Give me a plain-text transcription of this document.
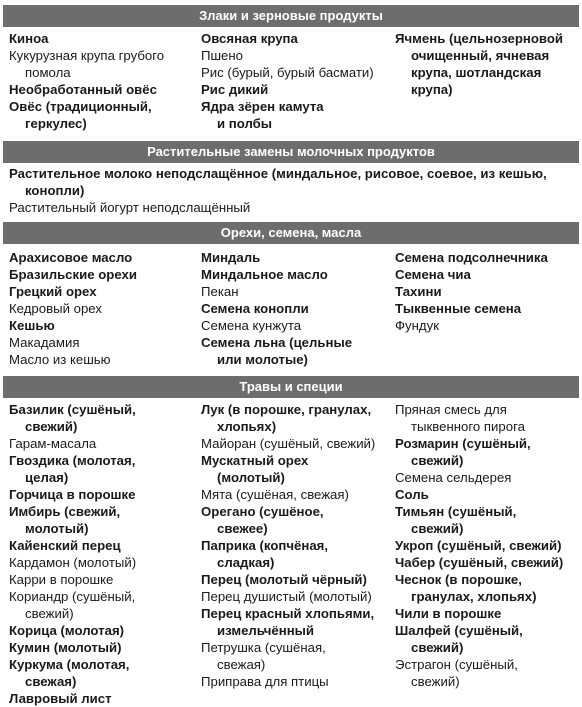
Злаки и зерновые продукты
Киноа
Кукурузная крупа грубого
помола
Необработанный овёс
Овёс (традиционный,
геркулес)
Овсяная крупа
Пшено
Рис (бурый, бурый басмати)
Рис дикий
Ядра зёрен камута
и полбы
Ячмень (цельнозерновой
очищенный, ячневая
крупа, шотландская
крупа)
Растительные замены молочных продуктов
Растительное молоко неподслащённое (миндальное, рисовое, соевое, из кешью,
конопли)
Растительный йогурт неподслащённый
Орехи, семена, масла
Арахисовое масло
Бразильские орехи
Грецкий орех
Кедровый орех
Кешью
Макадамия
Масло из кешью
Миндаль
Миндальное масло
Пекан
Семена конопли
Семена кунжута
Семена льна (цельные
или молотые)
Семена подсолнечника
Семена чиа
Тахини
Тыквенные семена
Фундук
Травы и специи
Базилик (сушёный,
свежий)
Гарам-масала
Гвоздика (молотая,
целая)
Горчица в порошке
Имбирь (свежий,
молотый)
Кайенский перец
Кардамон (молотый)
Карри в порошке
Кориандр (сушёный,
свежий)
Корица (молотая)
Кумин (молотый)
Куркума (молотая,
свежая)
Лавровый лист
Лук (в порошке, гранулах,
хлопьях)
Майоран (сушёный, свежий)
Мускатный орех
(молотый)
Мята (сушёная, свежая)
Орегано (сушёное,
свежее)
Паприка (копчёная,
сладкая)
Перец (молотый чёрный)
Перец душистый (молотый)
Перец красный хлопьями,
измельчённый
Петрушка (сушёная,
свежая)
Приправа для птицы
Пряная смесь для
тыквенного пирога
Розмарин (сушёный,
свежий)
Семена сельдерея
Соль
Тимьян (сушёный,
свежий)
Укроп (сушёный, свежий)
Чабер (сушёный, свежий)
Чеснок (в порошке,
гранулах, хлопьях)
Чили в порошке
Шалфей (сушёный,
свежий)
Эстрагон (сушёный,
свежий)
